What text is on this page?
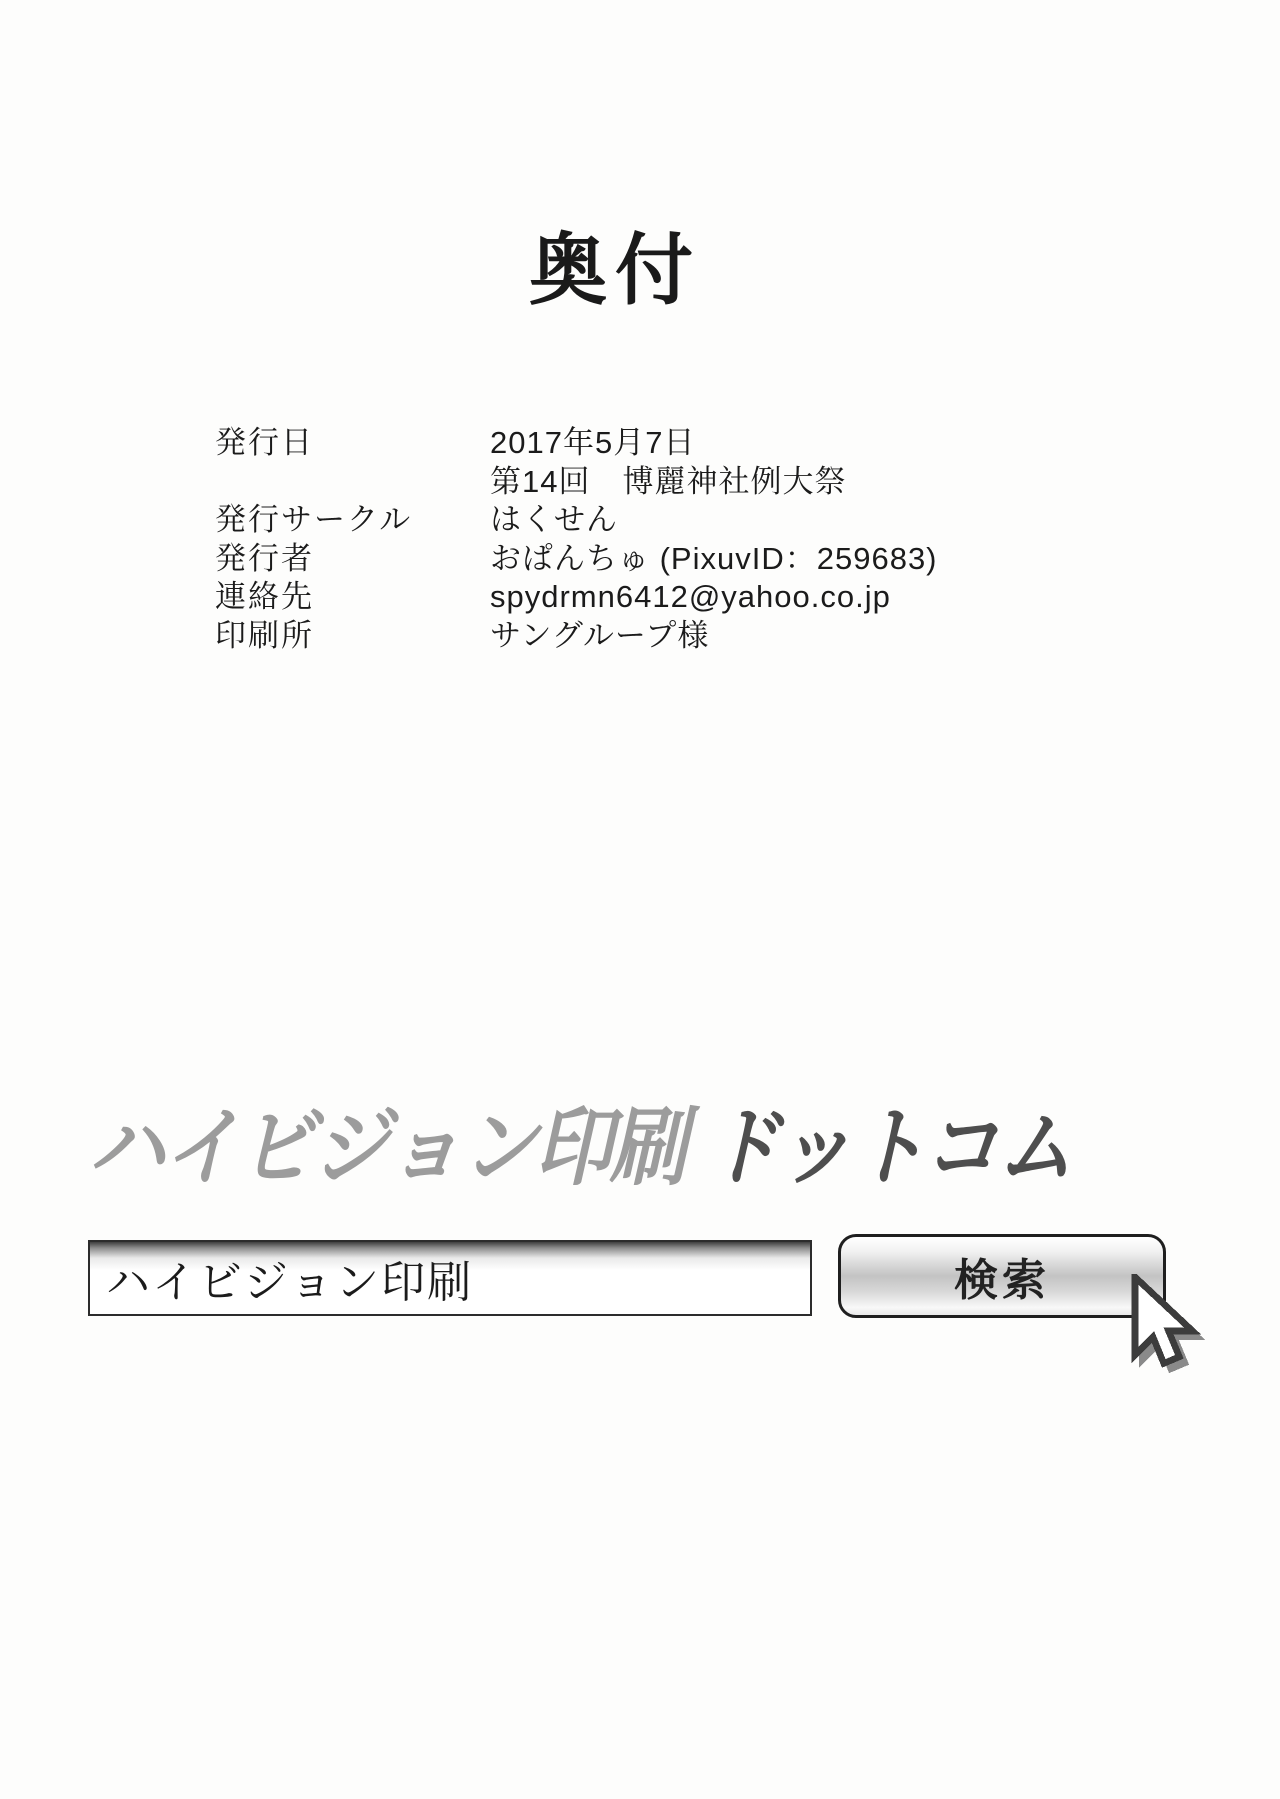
奥付
発行日	2017年5月7日
第14回　博麗神社例大祭
発行サークル	はくせん
発行者	おぱんちゅ (PixuvID：259683)
連絡先	spydrmn6412@yahoo.co.jp
印刷所	サングループ様
ハイビジョン印刷 ドットコム
ハイビジョン印刷	検索
